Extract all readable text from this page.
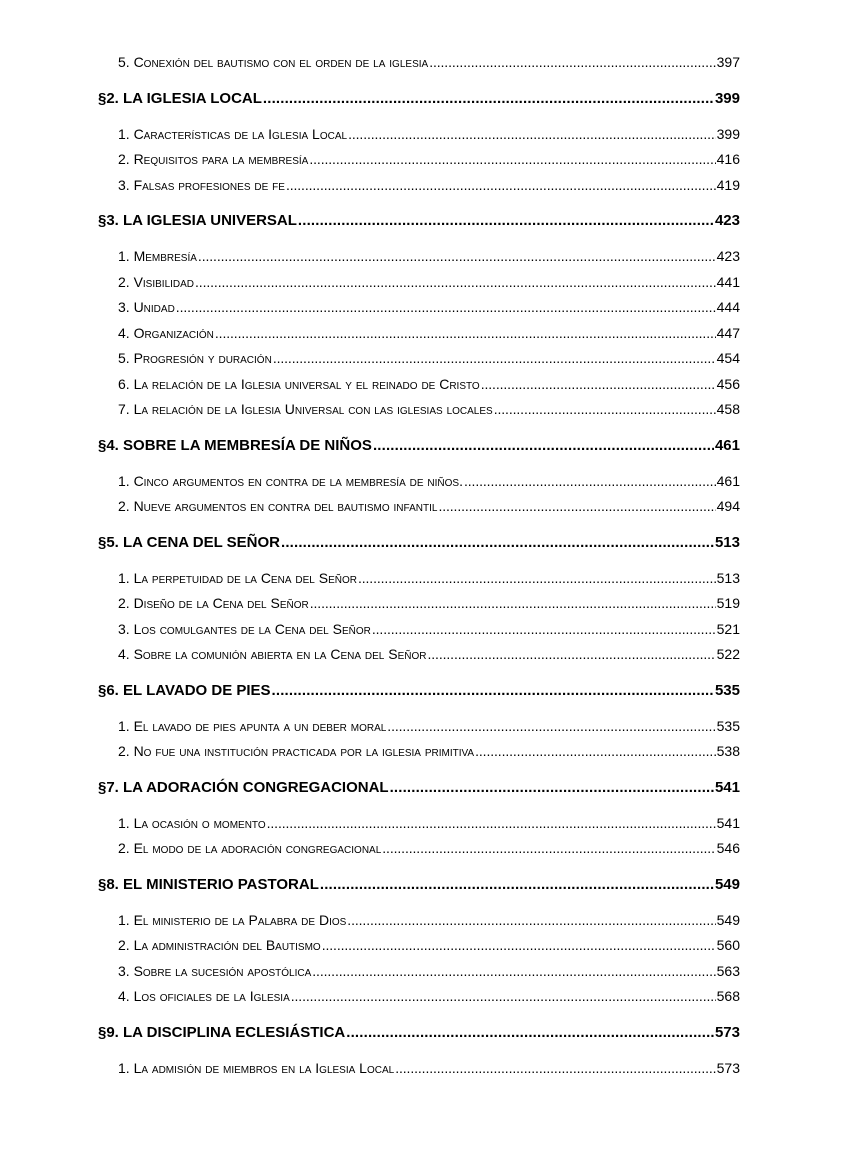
5. Conexión del bautismo con el orden de la iglesia . . .	397
§2. LA IGLESIA LOCAL . . .	399
1. Características de la Iglesia Local . . .	399
2. Requisitos para la membresía . . .	416
3. Falsas profesiones de fe . . .	419
§3. LA IGLESIA UNIVERSAL . . .	423
1. Membresía . . .	423
2. Visibilidad . . .	441
3. Unidad . . .	444
4. Organización . . .	447
5. Progresión y duración . . .	454
6. La relación de la Iglesia universal y el reinado de Cristo . . .	456
7. La relación de la Iglesia Universal con las iglesias locales . . .	458
§4. SOBRE LA MEMBRESÍA DE NIÑOS . . .	461
1. Cinco argumentos en contra de la membresía de niños. . . .	461
2. Nueve argumentos en contra del bautismo infantil . . .	494
§5. LA CENA DEL SEÑOR . . .	513
1. La perpetuidad de la Cena del Señor . . .	513
2. Diseño de la Cena del Señor . . .	519
3. Los comulgantes de la Cena del Señor . . .	521
4. Sobre la comunión abierta en la Cena del Señor . . .	522
§6. EL LAVADO DE PIES . . .	535
1. El lavado de pies apunta a un deber moral . . .	535
2. No fue una institución practicada por la iglesia primitiva . . .	538
§7. LA ADORACIÓN CONGREGACIONAL . . .	541
1. La ocasión o momento . . .	541
2. El modo de la adoración congregacional . . .	546
§8. EL MINISTERIO PASTORAL . . .	549
1. El ministerio de la Palabra de Dios . . .	549
2. La administración del Bautismo . . .	560
3. Sobre la sucesión apostólica . . .	563
4. Los oficiales de la Iglesia . . .	568
§9. LA DISCIPLINA ECLESIÁSTICA . . .	573
1. La admisión de miembros en la Iglesia Local . . .	573
